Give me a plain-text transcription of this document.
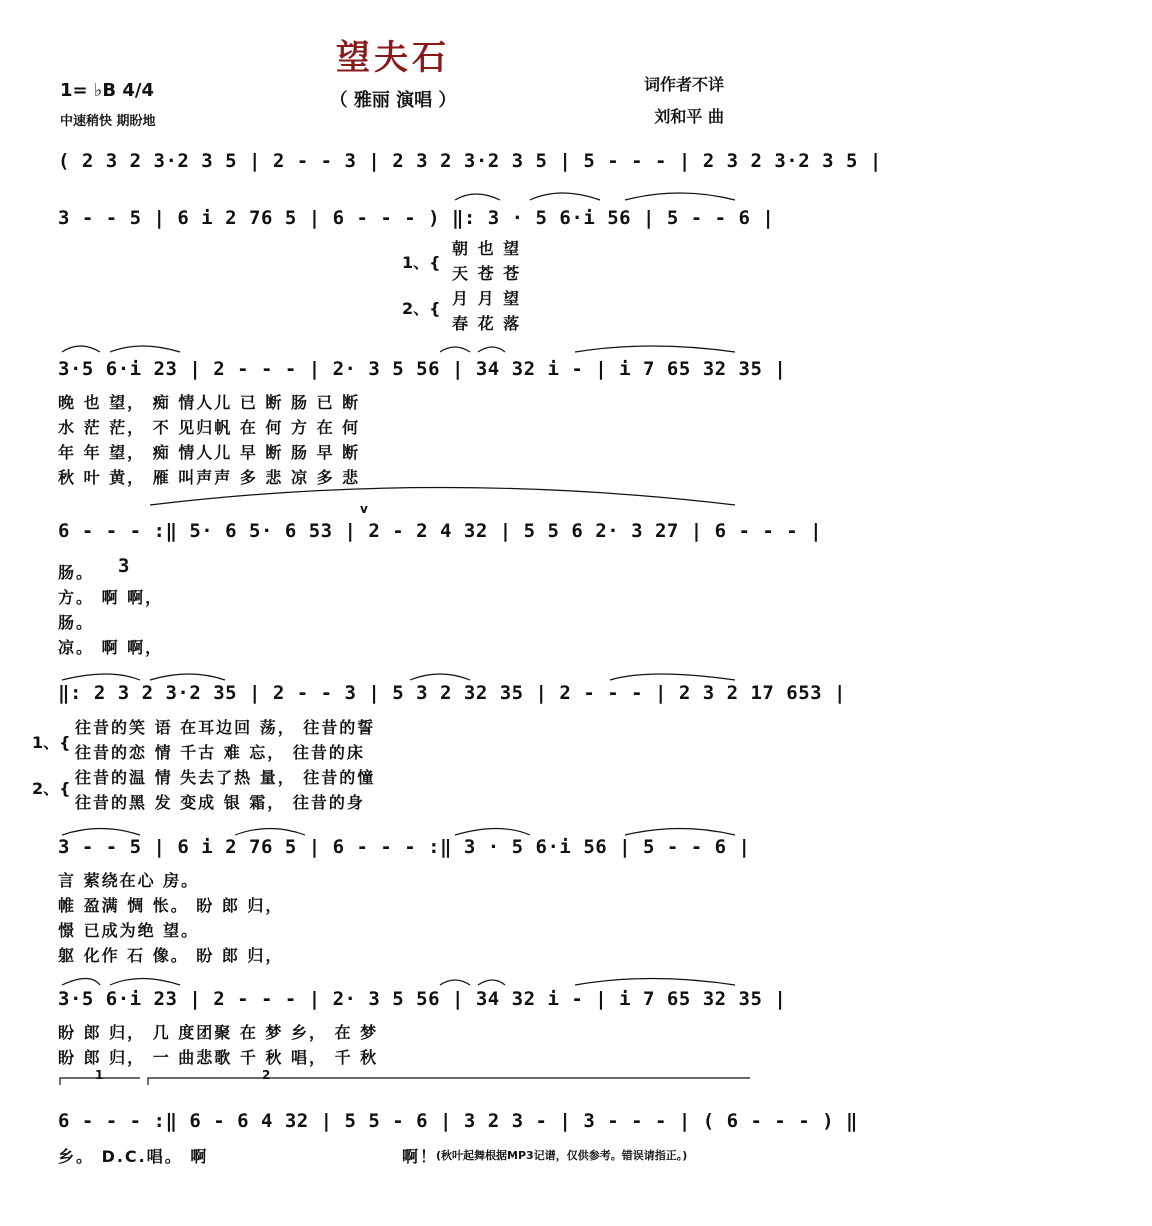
望夫石
（ 雅丽 演唱 ）
1= ♭B 4/4
中速稍快 期盼地
词作者不详
刘和平 曲
1	2
v
( 2 3 2 3·2 3 5 | 2 - - 3 | 2 3 2 3·2 3 5 | 5 - - - | 2 3 2 3·2 3 5 |
3 - - 5 | 6 i 2 76 5 | 6 - - - ) ‖: 3 · 5 6·i 56 | 5 - - 6 |
3·5 6·i 23 | 2 - - - | 2· 3 5 56 | 34 32 i - | i 7 65 32 35 |
6 - - - :‖ 5· 6 5· 6 53 | 2 - 2 4 32 | 5 5 6 2· 3 27 | 6 - - - |
‖: 2 3 2 3·2 35 | 2 - - 3 | 5 3 2 32 35 | 2 - - - | 2 3 2 17 653 |
3 - - 5 | 6 i 2 76 5 | 6 - - - :‖ 3 · 5 6·i 56 | 5 - - 6 |
3·5 6·i 23 | 2 - - - | 2· 3 5 56 | 34 32 i - | i 7 65 32 35 |
6 - - - :‖ 6 - 6 4 32 | 5 5 - 6 | 3 2 3 - | 3 - - - | ( 6 - - - ) ‖
3
1、{
2、{
朝 也 望
天 苍 苍
月 月 望
春 花 落
晚 也 望， 痴 情人儿 已 断 肠 已 断
水 茫 茫， 不 见归帆 在 何 方 在 何
年 年 望， 痴 情人儿 早 断 肠 早 断
秋 叶 黄， 雁 叫声声 多 悲 凉 多 悲
肠。
方。 啊 啊，
肠。
凉。 啊 啊，
1、{
2、{
往昔的笑 语 在耳边回 荡， 往昔的誓
往昔的恋 情 千古 难 忘， 往昔的床
往昔的温 情 失去了热 量， 往昔的憧
往昔的黑 发 变成 银 霜， 往昔的身
言 萦绕在心 房。
帷 盈满 惆 怅。 盼 郎 归，
憬 已成为绝 望。
躯 化作 石 像。 盼 郎 归，
盼 郎 归， 几 度团聚 在 梦 乡， 在 梦
盼 郎 归， 一 曲悲歌 千 秋 唱， 千 秋
乡。 D.C.唱。 啊	啊！
(秋叶起舞根据MP3记谱，仅供参考。错误请指正。)
